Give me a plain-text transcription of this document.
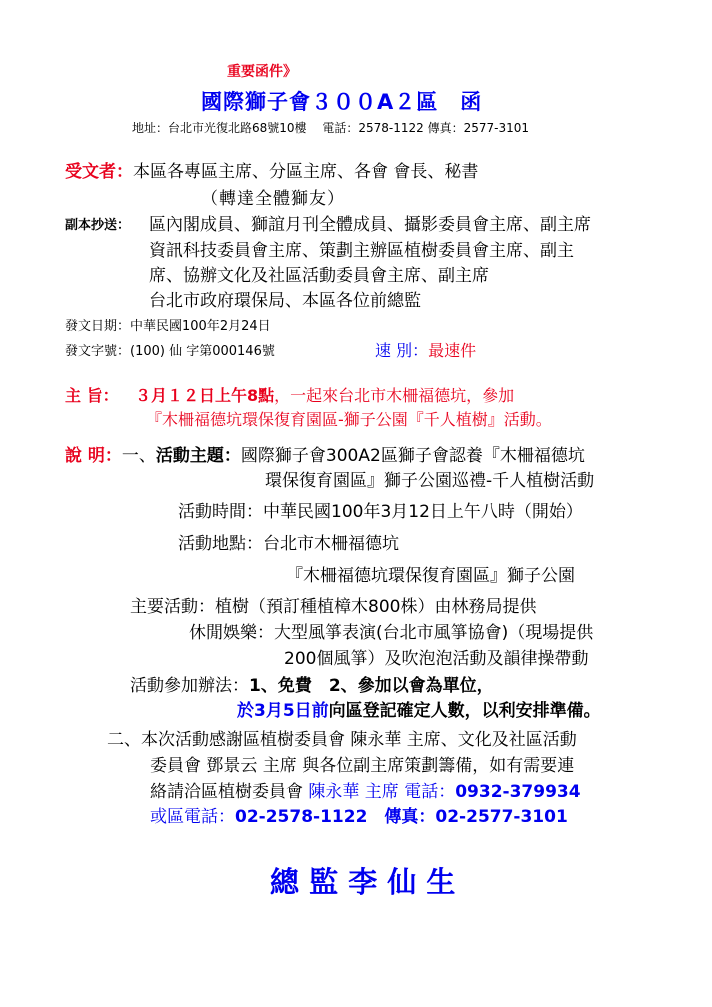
重要函件》
國際獅子會３００A２區　函
地址：台北市光復北路68號10樓　 電話：2578-1122 傳真：2577-3101
受文者：本區各專區主席、分區主席、各會 會長、秘書
（轉達全體獅友）
副本抄送： 區內閣成員、獅誼月刊全體成員、攝影委員會主席、副主席
資訊科技委員會主席、策劃主辦區植樹委員會主席、副主
席、協辦文化及社區活動委員會主席、副主席
台北市政府環保局、本區各位前總監
發文日期：中華民國100年2月24日
發文字號：(100) 仙 字第000146號	速 別：最速件
主 旨： ３月１２日上午8點，一起來台北市木柵福德坑，參加
『木柵福德坑環保復育園區-獅子公園『千人植樹』活動。
說 明：一、活動主題：國際獅子會300A2區獅子會認養『木柵福德坑
環保復育園區』獅子公園巡禮-千人植樹活動
活動時間：中華民國100年3月12日上午八時（開始）
活動地點：台北市木柵福德坑
『木柵福德坑環保復育園區』獅子公園
主要活動：植樹（預訂種植樟木800株）由林務局提供
休閒娛樂：大型風箏表演(台北市風箏協會)（現場提供
200個風箏）及吹泡泡活動及韻律操帶動
活動參加辦法：1、免費　2、參加以會為單位，
於3月5日前向區登記確定人數，以利安排準備。
二、本次活動感謝區植樹委員會 陳永華 主席、文化及社區活動
委員會 鄧景云 主席 與各位副主席策劃籌備，如有需要連
絡請洽區植樹委員會 陳永華 主席 電話：0932-379934
或區電話：02-2578-1122　傳真：02-2577-3101
總 監 李 仙 生
